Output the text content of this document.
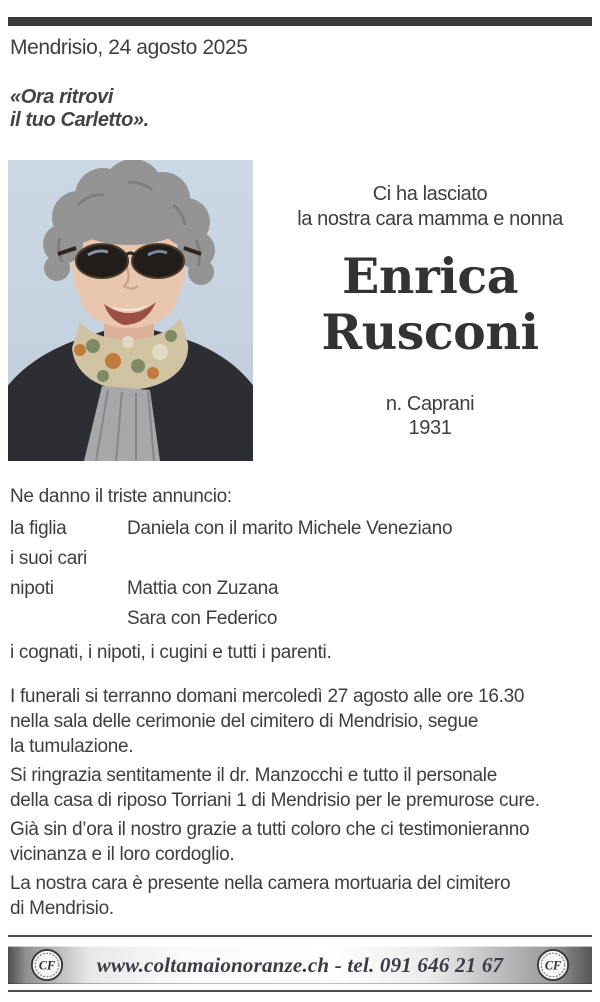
Mendrisio, 24 agosto 2025
«Ora ritrovi
il tuo Carletto».
Ci ha lasciato
la nostra cara mamma e nonna
Enrica
Rusconi
n. Caprani
1931
Ne danno il triste annuncio:
la figlia	Daniela con il marito Michele Veneziano
i suoi cari
nipoti	Mattia con Zuzana
Sara con Federico
i cognati, i nipoti, i cugini e tutti i parenti.

I funerali si terranno domani mercoledì 27 agosto alle ore 16.30
nella sala delle cerimonie del cimitero di Mendrisio, segue
la tumulazione.

Si ringrazia sentitamente il dr. Manzocchi e tutto il personale
della casa di riposo Torriani 1 di Mendrisio per le premurose cure.

Già sin d’ora il nostro grazie a tutti coloro che ci testimonieranno
vicinanza e il loro cordoglio.

La nostra cara è presente nella camera mortuaria del cimitero
di Mendrisio.

CF	www.coltamaionoranze.ch - tel. 091 646 21 67	CF
